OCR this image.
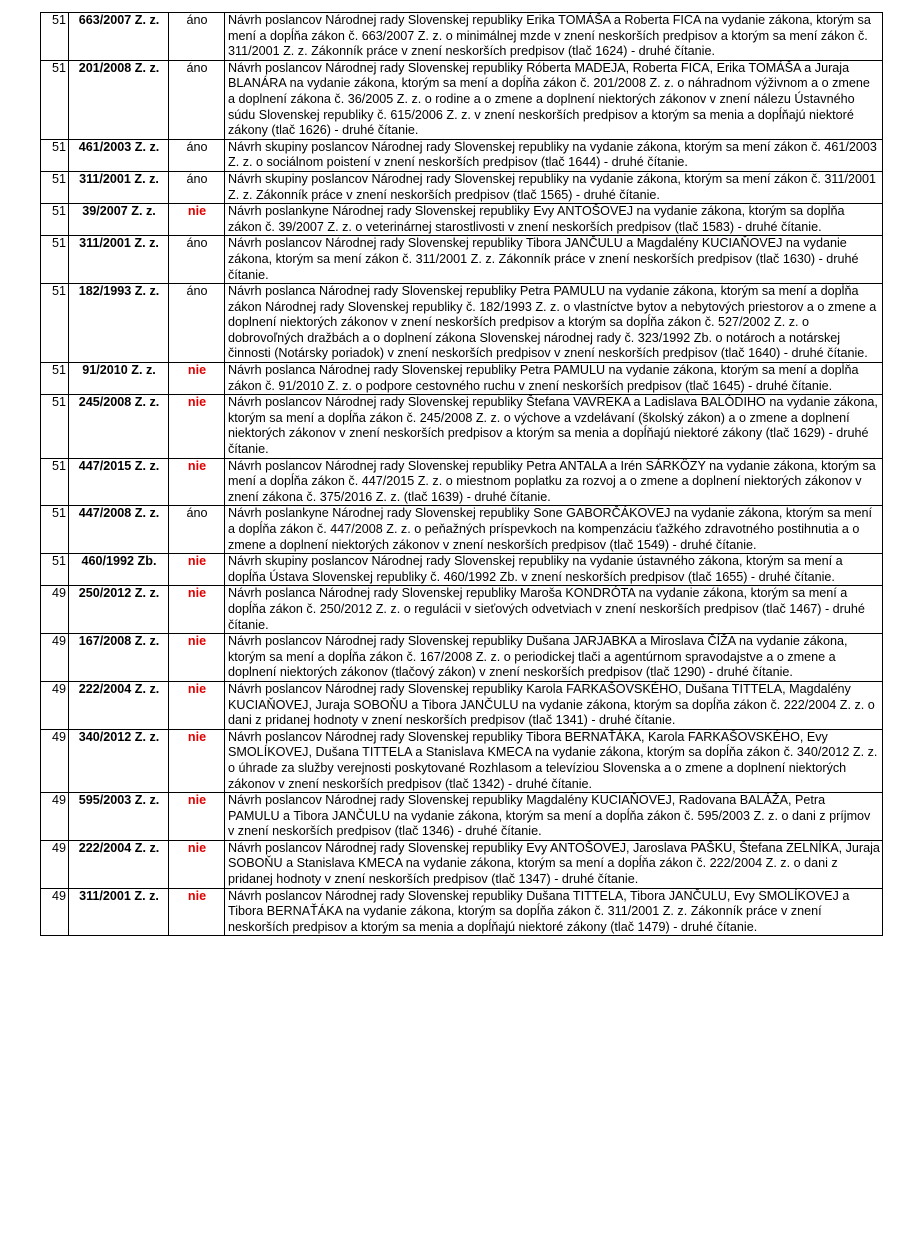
51	663/2007 Z. z.	áno	Návrh poslancov Národnej rady Slovenskej republiky Erika TOMÁŠA a Roberta FICA na vydanie zákona, ktorým sa mení a dopĺňa zákon č. 663/2007 Z. z. o minimálnej mzde v znení neskorších predpisov a ktorým sa mení zákon č. 311/2001 Z. z. Zákonník práce v znení neskorších predpisov (tlač 1624) - druhé čítanie.
51	201/2008 Z. z.	áno	Návrh poslancov Národnej rady Slovenskej republiky Róberta MADEJA, Roberta FICA, Erika TOMÁŠA a Juraja BLANÁRA na vydanie zákona, ktorým sa mení a dopĺňa zákon č. 201/2008 Z. z. o náhradnom výživnom a o zmene a doplnení zákona č. 36/2005 Z. z. o rodine a o zmene a doplnení niektorých zákonov v znení nálezu Ústavného súdu Slovenskej republiky č. 615/2006 Z. z. v znení neskorších predpisov a ktorým sa menia a dopĺňajú niektoré zákony (tlač 1626) - druhé čítanie.
51	461/2003 Z. z.	áno	Návrh skupiny poslancov Národnej rady Slovenskej republiky na vydanie zákona, ktorým sa mení zákon č. 461/2003 Z. z. o sociálnom poistení v znení neskorších predpisov (tlač 1644) - druhé čítanie.
51	311/2001 Z. z.	áno	Návrh skupiny poslancov Národnej rady Slovenskej republiky na vydanie zákona, ktorým sa mení zákon č. 311/2001 Z. z. Zákonník práce v znení neskorších predpisov (tlač 1565) - druhé čítanie.
51	39/2007 Z. z.	nie	Návrh poslankyne Národnej rady Slovenskej republiky Evy ANTOŠOVEJ na vydanie zákona, ktorým sa dopĺňa zákon č. 39/2007 Z. z. o veterinárnej starostlivosti v znení neskorších predpisov (tlač 1583) - druhé čítanie.
51	311/2001 Z. z.	áno	Návrh poslancov Národnej rady Slovenskej republiky Tibora JANČULU a Magdalény KUCIAŇOVEJ na vydanie zákona, ktorým sa mení zákon č. 311/2001 Z. z. Zákonník práce v znení neskorších predpisov (tlač 1630) - druhé čítanie.
51	182/1993 Z. z.	áno	Návrh poslanca Národnej rady Slovenskej republiky Petra PAMULU na vydanie zákona, ktorým sa mení a dopĺňa zákon Národnej rady Slovenskej republiky č. 182/1993 Z. z. o vlastníctve bytov a nebytových priestorov a o zmene a doplnení niektorých zákonov v znení neskorších predpisov a ktorým sa dopĺňa zákon č. 527/2002 Z. z. o dobrovoľných dražbách a o doplnení zákona Slovenskej národnej rady č. 323/1992 Zb. o notároch a notárskej činnosti (Notársky poriadok) v znení neskorších predpisov v znení neskorších predpisov (tlač 1640) - druhé čítanie.
51	91/2010 Z. z.	nie	Návrh poslanca Národnej rady Slovenskej republiky Petra PAMULU na vydanie zákona, ktorým sa mení a dopĺňa zákon č. 91/2010 Z. z. o podpore cestovného ruchu v znení neskorších predpisov (tlač 1645) - druhé čítanie.
51	245/2008 Z. z.	nie	Návrh poslancov Národnej rady Slovenskej republiky Štefana VAVREKA a Ladislava BALÓDIHO na vydanie zákona, ktorým sa mení a dopĺňa zákon č. 245/2008 Z. z. o výchove a vzdelávaní (školský zákon) a o zmene a doplnení niektorých zákonov v znení neskorších predpisov a ktorým sa menia a dopĺňajú niektoré zákony (tlač 1629) - druhé čítanie.
51	447/2015 Z. z.	nie	Návrh poslancov Národnej rady Slovenskej republiky Petra ANTALA a Irén SÁRKÖZY na vydanie zákona, ktorým sa mení a dopĺňa zákon č. 447/2015 Z. z. o miestnom poplatku za rozvoj a o zmene a doplnení niektorých zákonov v znení zákona č. 375/2016 Z. z. (tlač 1639) - druhé čítanie.
51	447/2008 Z. z.	áno	Návrh poslankyne Národnej rady Slovenskej republiky Sone GABORČÁKOVEJ na vydanie zákona, ktorým sa mení a dopĺňa zákon č. 447/2008 Z. z. o peňažných príspevkoch na kompenzáciu ťažkého zdravotného postihnutia a o zmene a doplnení niektorých zákonov v znení neskorších predpisov (tlač 1549) - druhé čítanie.
51	460/1992 Zb.	nie	Návrh skupiny poslancov Národnej rady Slovenskej republiky na vydanie ústavného zákona, ktorým sa mení a dopĺňa Ústava Slovenskej republiky č. 460/1992 Zb. v znení neskorších predpisov (tlač 1655) - druhé čítanie.
49	250/2012 Z. z.	nie	Návrh poslanca Národnej rady Slovenskej republiky Maroša KONDRÓTA na vydanie zákona, ktorým sa mení a dopĺňa zákon č. 250/2012 Z. z. o regulácii v sieťových odvetviach v znení neskorších predpisov (tlač 1467) - druhé čítanie.
49	167/2008 Z. z.	nie	Návrh poslancov Národnej rady Slovenskej republiky Dušana JARJABKA a Miroslava ČÍŽA na vydanie zákona, ktorým sa mení a dopĺňa zákon č. 167/2008 Z. z. o periodickej tlači a agentúrnom spravodajstve a o zmene a doplnení niektorých zákonov (tlačový zákon) v znení neskorších predpisov (tlač 1290) - druhé čítanie.
49	222/2004 Z. z.	nie	Návrh poslancov Národnej rady Slovenskej republiky Karola FARKAŠOVSKÉHO, Dušana TITTELA, Magdalény KUCIAŇOVEJ, Juraja SOBOŇU a Tibora JANČULU na vydanie zákona, ktorým sa dopĺňa zákon č. 222/2004 Z. z. o dani z pridanej hodnoty v znení neskorších predpisov (tlač 1341) - druhé čítanie.
49	340/2012 Z. z.	nie	Návrh poslancov Národnej rady Slovenskej republiky Tibora BERNAŤÁKA, Karola FARKAŠOVSKÉHO, Evy SMOLÍKOVEJ, Dušana TITTELA a Stanislava KMECA na vydanie zákona, ktorým sa dopĺňa zákon č. 340/2012 Z. z. o úhrade za služby verejnosti poskytované Rozhlasom a televíziou Slovenska a o zmene a doplnení niektorých zákonov v znení neskorších predpisov (tlač 1342) - druhé čítanie.
49	595/2003 Z. z.	nie	Návrh poslancov Národnej rady Slovenskej republiky Magdalény KUCIAŇOVEJ, Radovana BALÁŽA, Petra PAMULU a Tibora JANČULU na vydanie zákona, ktorým sa mení a dopĺňa zákon č. 595/2003 Z. z. o dani z príjmov v znení neskorších predpisov (tlač 1346) - druhé čítanie.
49	222/2004 Z. z.	nie	Návrh poslancov Národnej rady Slovenskej republiky Evy ANTOŠOVEJ, Jaroslava PAŠKU, Štefana ZELNÍKA, Juraja SOBOŇU a Stanislava KMECA na vydanie zákona, ktorým sa mení a dopĺňa zákon č. 222/2004 Z. z. o dani z pridanej hodnoty v znení neskorších predpisov (tlač 1347) - druhé čítanie.
49	311/2001 Z. z.	nie	Návrh poslancov Národnej rady Slovenskej republiky Dušana TITTELA, Tibora JANČULU, Evy SMOLÍKOVEJ a Tibora BERNAŤÁKA na vydanie zákona, ktorým sa dopĺňa zákon č. 311/2001 Z. z. Zákonník práce v znení neskorších predpisov a ktorým sa menia a dopĺňajú niektoré zákony (tlač 1479) - druhé čítanie.
